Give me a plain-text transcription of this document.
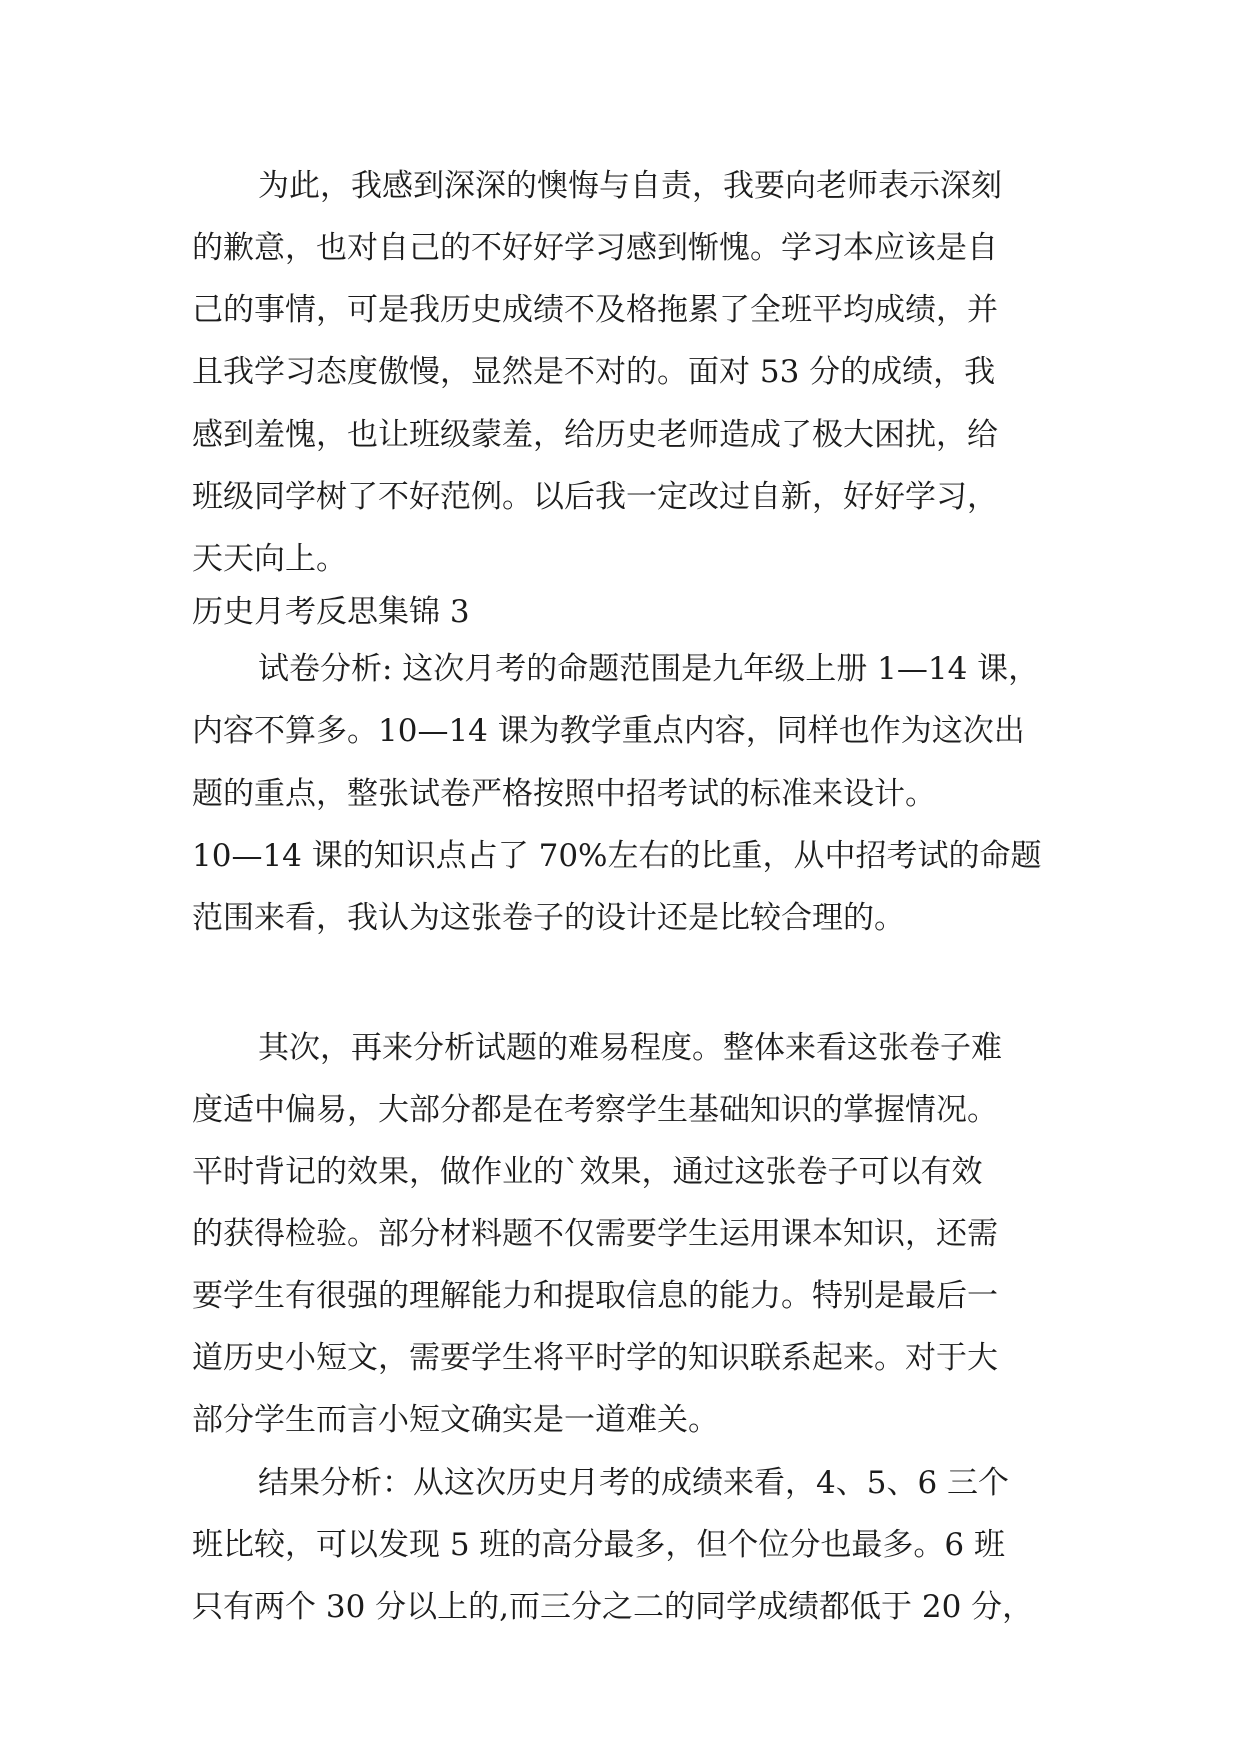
为此，我感到深深的懊悔与自责，我要向老师表示深刻
的歉意，也对自己的不好好学习感到惭愧。学习本应该是自
己的事情，可是我历史成绩不及格拖累了全班平均成绩，并
且我学习态度傲慢，显然是不对的。面对 53 分的成绩，我
感到羞愧，也让班级蒙羞，给历史老师造成了极大困扰，给
班级同学树了不好范例。以后我一定改过自新，好好学习，
天天向上。
历史月考反思集锦 3
试卷分析: 这次月考的命题范围是九年级上册 1—14 课，
内容不算多。10—14 课为教学重点内容，同样也作为这次出
题的重点，整张试卷严格按照中招考试的标准来设计。
10—14 课的知识点占了 70%左右的比重，从中招考试的命题
范围来看，我认为这张卷子的设计还是比较合理的。
其次，再来分析试题的难易程度。整体来看这张卷子难
度适中偏易，大部分都是在考察学生基础知识的掌握情况。
平时背记的效果，做作业的`效果，通过这张卷子可以有效
的获得检验。部分材料题不仅需要学生运用课本知识，还需
要学生有很强的理解能力和提取信息的能力。特别是最后一
道历史小短文，需要学生将平时学的知识联系起来。对于大
部分学生而言小短文确实是一道难关。
结果分析：从这次历史月考的成绩来看，4、5、6 三个
班比较，可以发现 5 班的高分最多，但个位分也最多。6 班
只有两个 30 分以上的,而三分之二的同学成绩都低于 20 分，
